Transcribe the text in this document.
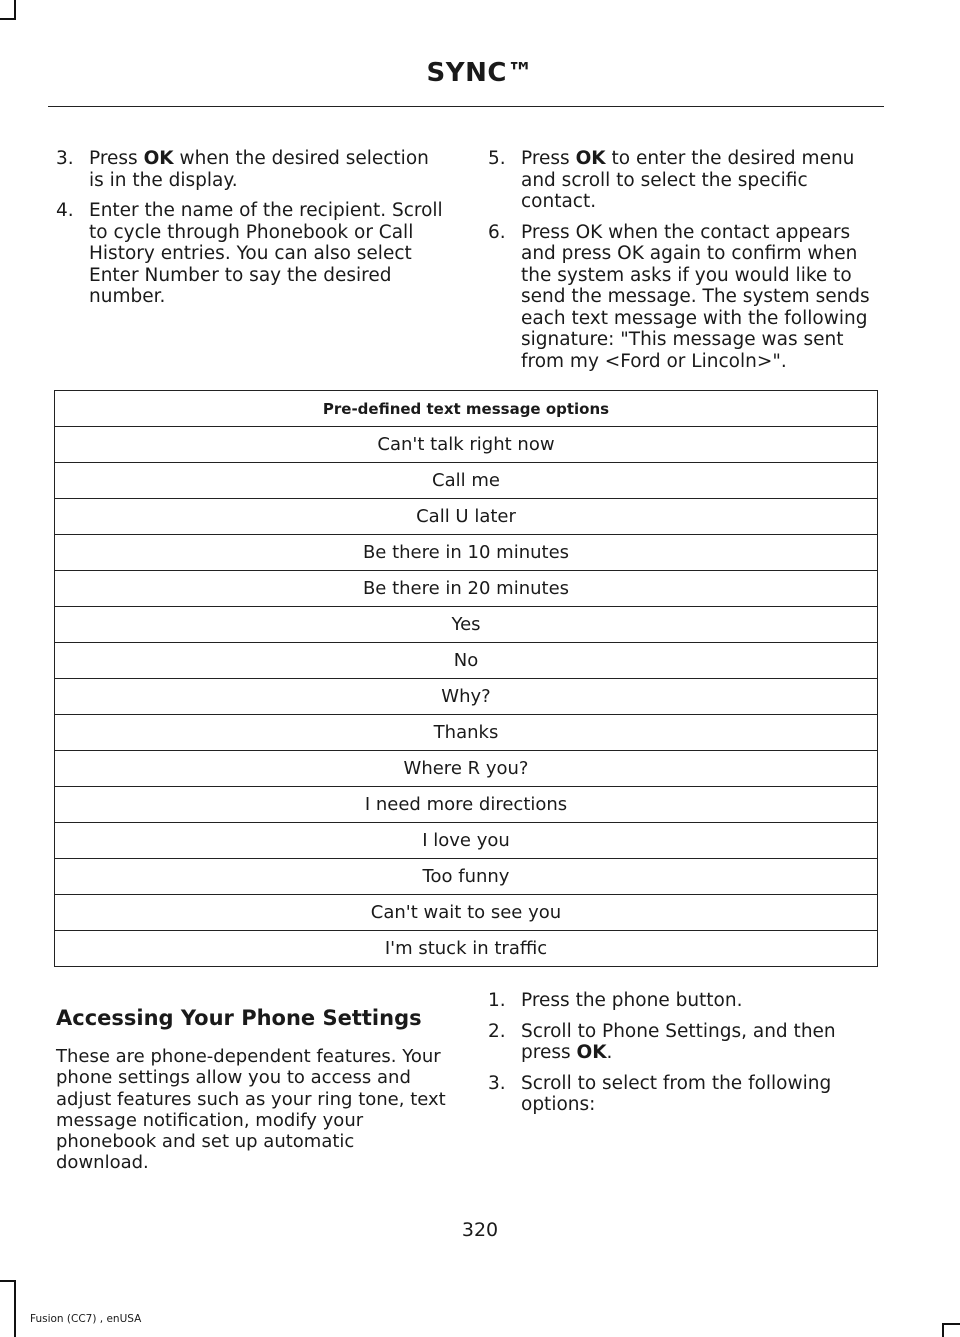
SYNC™
3. Press OK when the desired selection is in the display.
4. Enter the name of the recipient. Scroll to cycle through Phonebook or Call History entries. You can also select Enter Number to say the desired number.
5. Press OK to enter the desired menu and scroll to select the specific contact.
6. Press OK when the contact appears and press OK again to confirm when the system asks if you would like to send the message. The system sends each text message with the following signature: "This message was sent from my <Ford or Lincoln>".
Pre-defined text message options
Can't talk right now
Call me
Call U later
Be there in 10 minutes
Be there in 20 minutes
Yes
No
Why?
Thanks
Where R you?
I need more directions
I love you
Too funny
Can't wait to see you
I'm stuck in traffic
Accessing Your Phone Settings

These are phone-dependent features. Your phone settings allow you to access and adjust features such as your ring tone, text message notification, modify your phonebook and set up automatic download.

1. Press the phone button.
2. Scroll to Phone Settings, and then press OK.
3. Scroll to select from the following options:
320
Fusion (CC7) , enUSA
